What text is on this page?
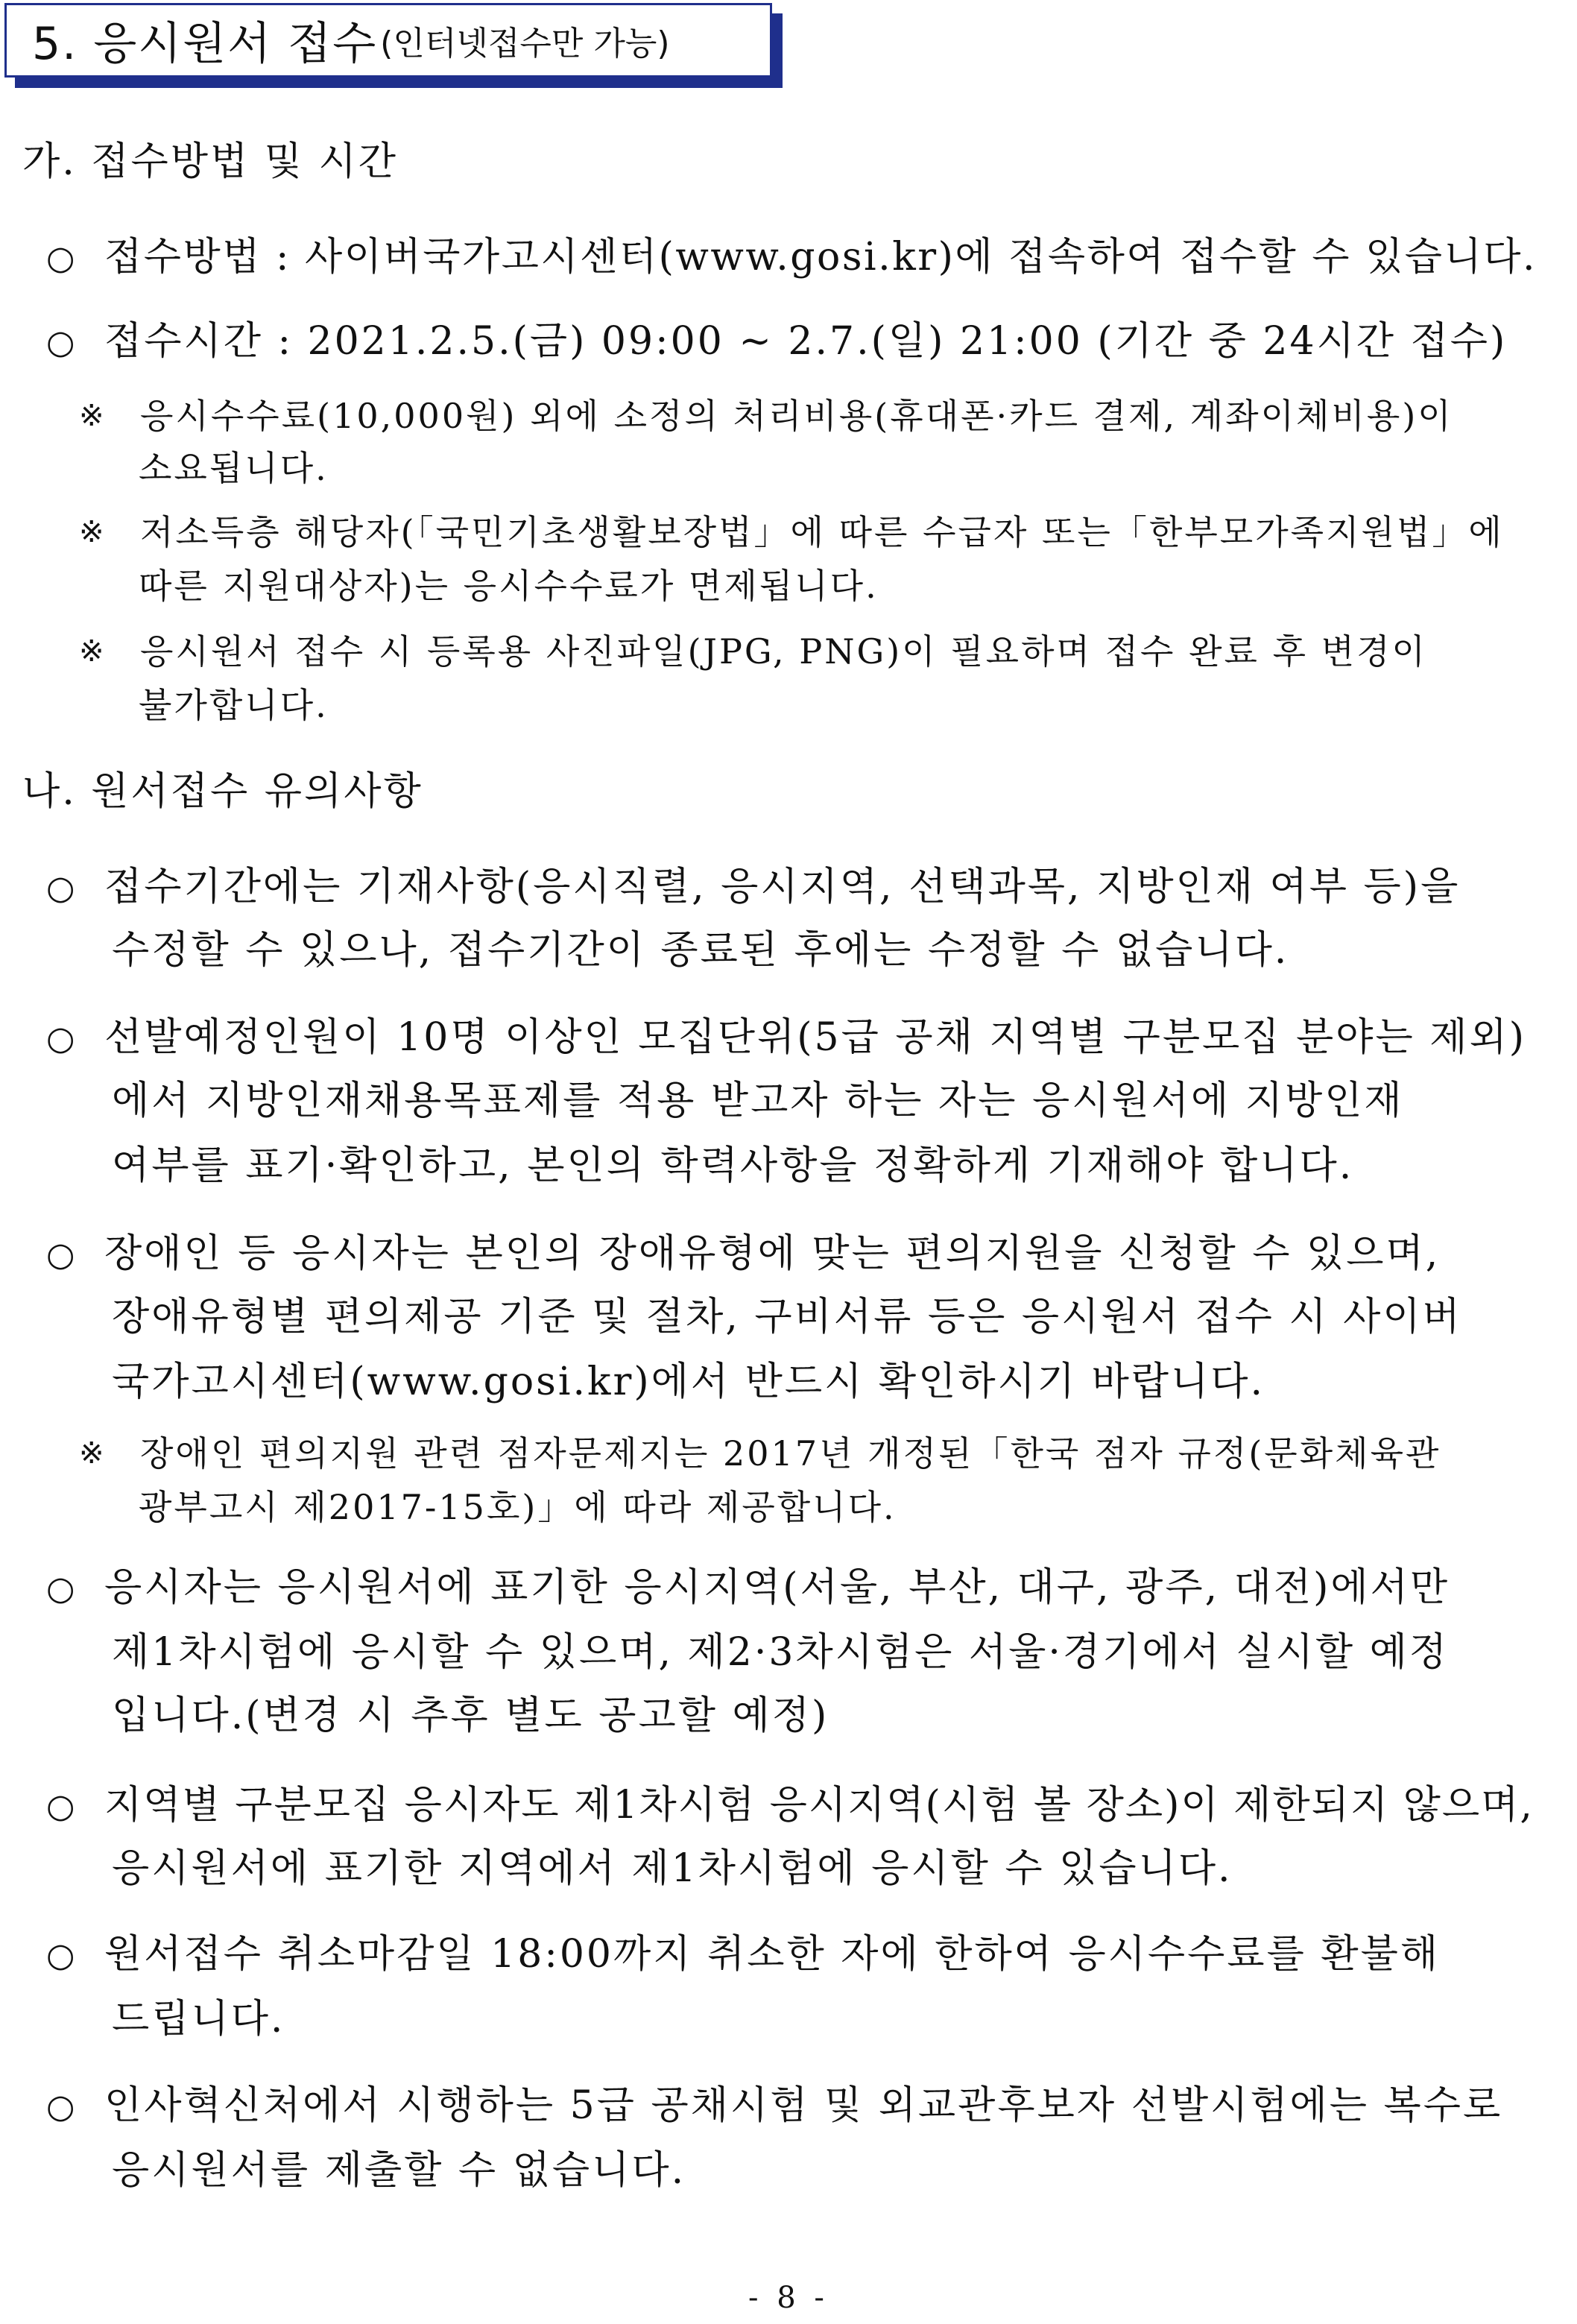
5. 응시원서 접수 (인터넷접수만 가능)
가. 접수방법 및 시간
○ 접수방법 : 사이버국가고시센터(www.gosi.kr)에 접속하여 접수할 수 있습니다.
○ 접수시간 : 2021.2.5.(금) 09:00 ~ 2.7.(일) 21:00 (기간 중 24시간 접수)
※ 응시수수료(10,000원) 외에 소정의 처리비용(휴대폰·카드 결제, 계좌이체비용)이
소요됩니다.
※ 저소득층 해당자(「국민기초생활보장법」에 따른 수급자 또는「한부모가족지원법」에
따른 지원대상자)는 응시수수료가 면제됩니다.
※ 응시원서 접수 시 등록용 사진파일(JPG, PNG)이 필요하며 접수 완료 후 변경이
불가합니다.
나. 원서접수 유의사항
○ 접수기간에는 기재사항(응시직렬, 응시지역, 선택과목, 지방인재 여부 등)을
수정할 수 있으나, 접수기간이 종료된 후에는 수정할 수 없습니다.
○ 선발예정인원이 10명 이상인 모집단위(5급 공채 지역별 구분모집 분야는 제외)
에서 지방인재채용목표제를 적용 받고자 하는 자는 응시원서에 지방인재
여부를 표기·확인하고, 본인의 학력사항을 정확하게 기재해야 합니다.
○ 장애인 등 응시자는 본인의 장애유형에 맞는 편의지원을 신청할 수 있으며,
장애유형별 편의제공 기준 및 절차, 구비서류 등은 응시원서 접수 시 사이버
국가고시센터(www.gosi.kr)에서 반드시 확인하시기 바랍니다.
※ 장애인 편의지원 관련 점자문제지는 2017년 개정된「한국 점자 규정(문화체육관
광부고시 제2017-15호)」에 따라 제공합니다.
○ 응시자는 응시원서에 표기한 응시지역(서울, 부산, 대구, 광주, 대전)에서만
제1차시험에 응시할 수 있으며, 제2·3차시험은 서울·경기에서 실시할 예정
입니다.(변경 시 추후 별도 공고할 예정)
○ 지역별 구분모집 응시자도 제1차시험 응시지역(시험 볼 장소)이 제한되지 않으며,
응시원서에 표기한 지역에서 제1차시험에 응시할 수 있습니다.
○ 원서접수 취소마감일 18:00까지 취소한 자에 한하여 응시수수료를 환불해
드립니다.
○ 인사혁신처에서 시행하는 5급 공채시험 및 외교관후보자 선발시험에는 복수로
응시원서를 제출할 수 없습니다.
- 8 -
